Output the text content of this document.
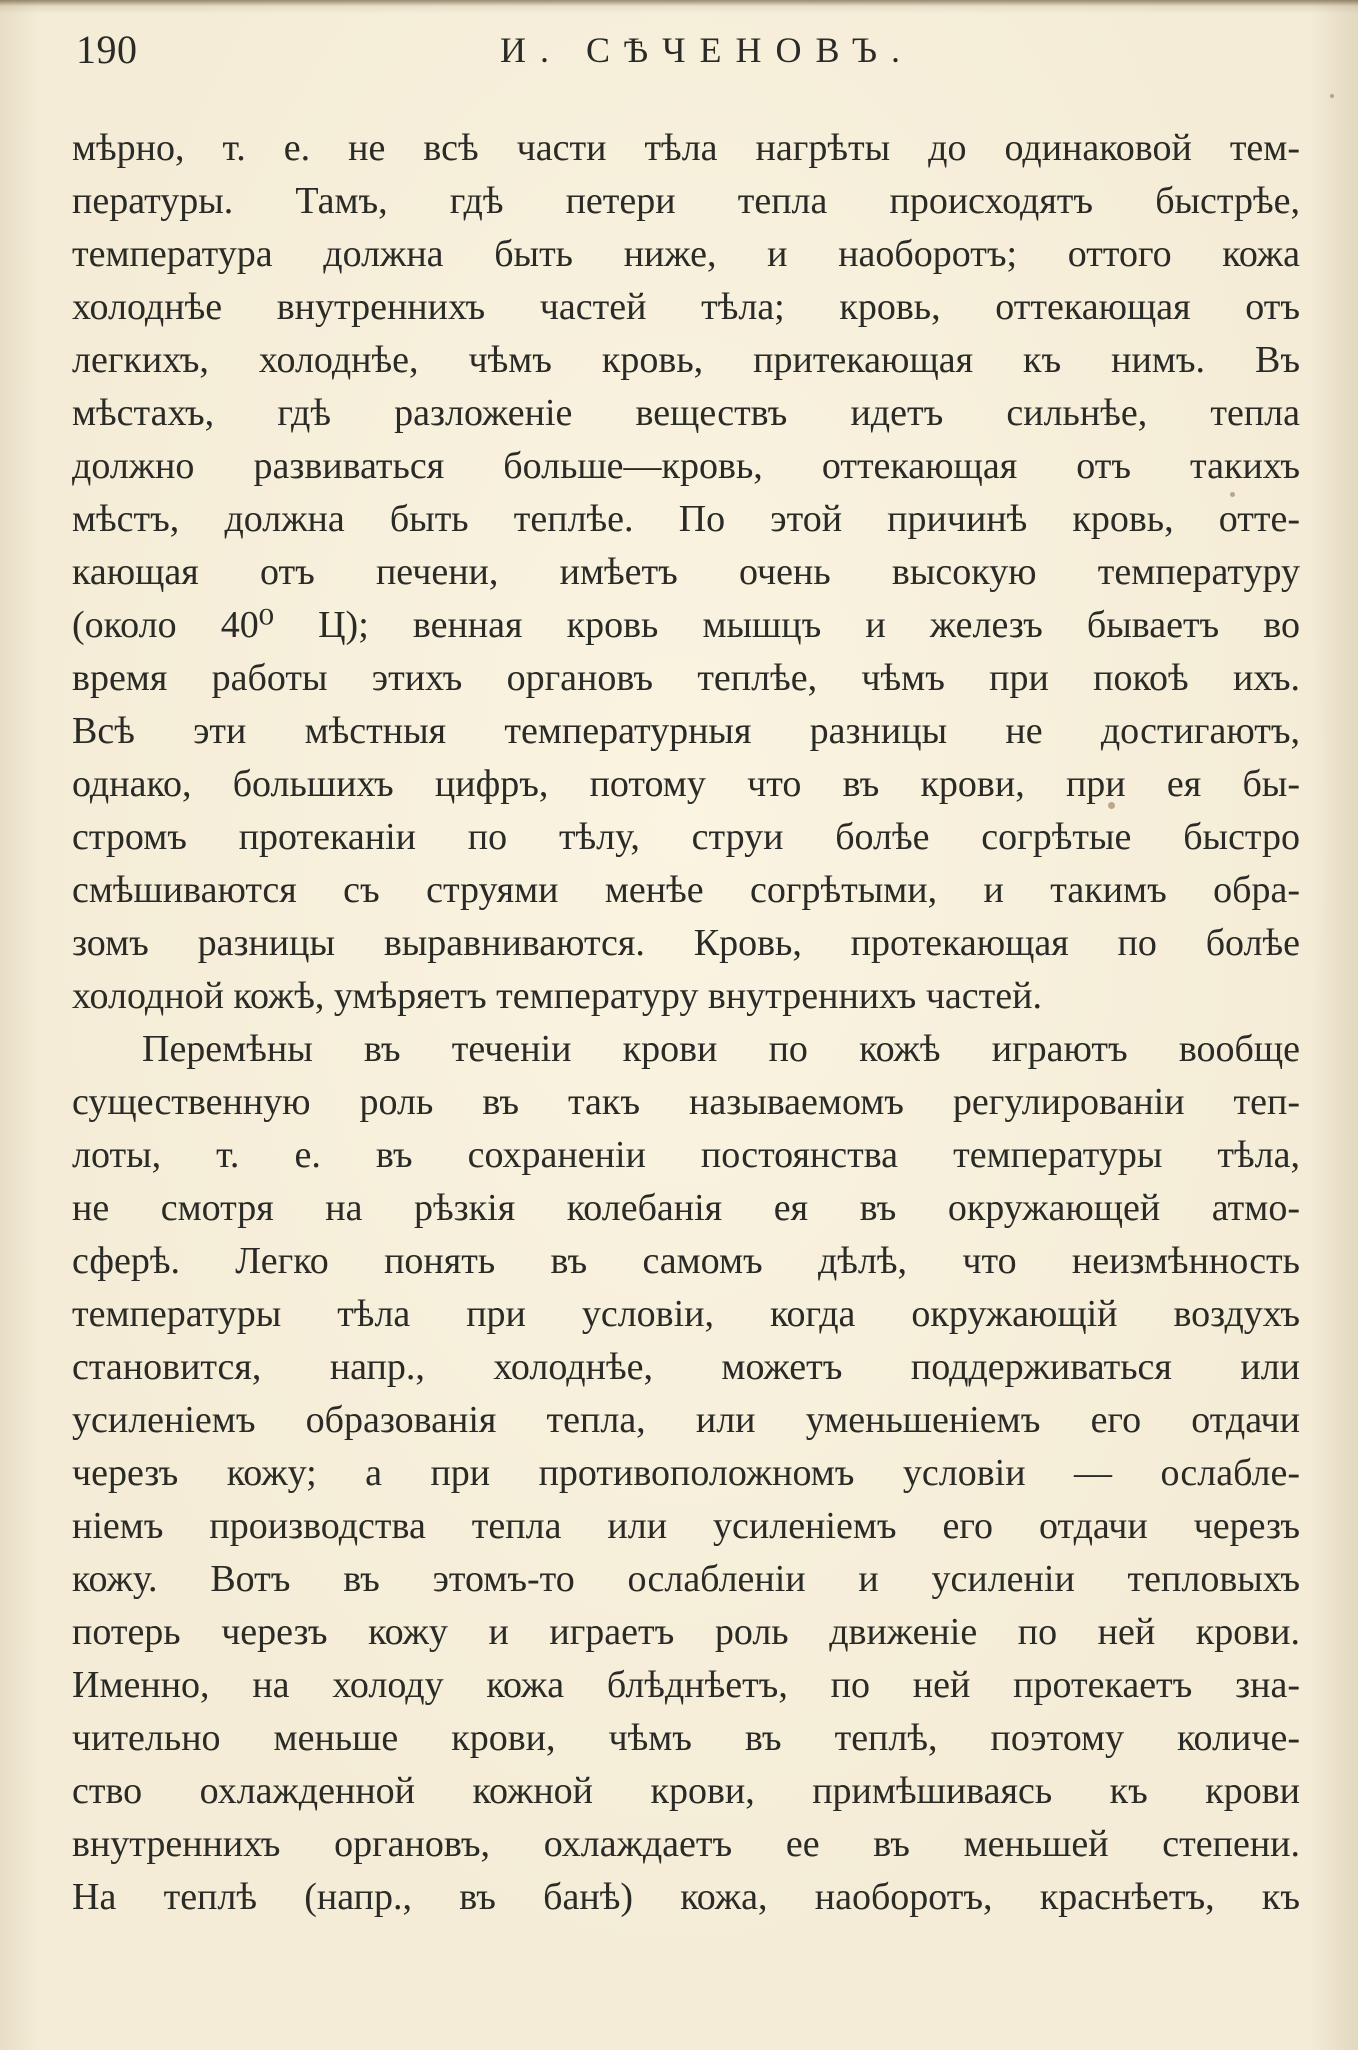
190	И. СѢЧЕНОВЪ.
мѣрно, т. е. не всѣ части тѣла нагрѣты до одинаковой тем-
пературы. Тамъ, гдѣ петери тепла происходятъ быстрѣе,
температура должна быть ниже, и наоборотъ; оттого кожа
холоднѣе внутреннихъ частей тѣла; кровь, оттекающая отъ
легкихъ, холоднѣе, чѣмъ кровь, притекающая къ нимъ. Въ
мѣстахъ, гдѣ разложеніе веществъ идетъ сильнѣе, тепла
должно развиваться больше—кровь, оттекающая отъ такихъ
мѣстъ, должна быть теплѣе. По этой причинѣ кровь, отте-
кающая отъ печени, имѣетъ очень высокую температуру
(около 40⁰ Ц); венная кровь мышцъ и железъ бываетъ во
время работы этихъ органовъ теплѣе, чѣмъ при покоѣ ихъ.
Всѣ эти мѣстныя температурныя разницы не достигаютъ,
однако, большихъ цифръ, потому что въ крови, при ея бы-
стромъ протеканіи по тѣлу, струи болѣе согрѣтые быстро
смѣшиваются съ струями менѣе согрѣтыми, и такимъ обра-
зомъ разницы выравниваются. Кровь, протекающая по болѣе
холодной кожѣ, умѣряетъ температуру внутреннихъ частей.
Перемѣны въ теченіи крови по кожѣ играютъ вообще
существенную роль въ такъ называемомъ регулированіи теп-
лоты, т. е. въ сохраненіи постоянства температуры тѣла,
не смотря на рѣзкія колебанія ея въ окружающей атмо-
сферѣ. Легко понять въ самомъ дѣлѣ, что неизмѣнность
температуры тѣла при условіи, когда окружающій воздухъ
становится, напр., холоднѣе, можетъ поддерживаться или
усиленіемъ образованія тепла, или уменьшеніемъ его отдачи
черезъ кожу; а при противоположномъ условіи — ослабле-
ніемъ производства тепла или усиленіемъ его отдачи черезъ
кожу. Вотъ въ этомъ-то ослабленіи и усиленіи тепловыхъ
потерь черезъ кожу и играетъ роль движеніе по ней крови.
Именно, на холоду кожа блѣднѣетъ, по ней протекаетъ зна-
чительно меньше крови, чѣмъ въ теплѣ, поэтому количе-
ство охлажденной кожной крови, примѣшиваясь къ крови
внутреннихъ органовъ, охлаждаетъ ее въ меньшей степени.
На теплѣ (напр., въ банѣ) кожа, наоборотъ, краснѣетъ, къ
